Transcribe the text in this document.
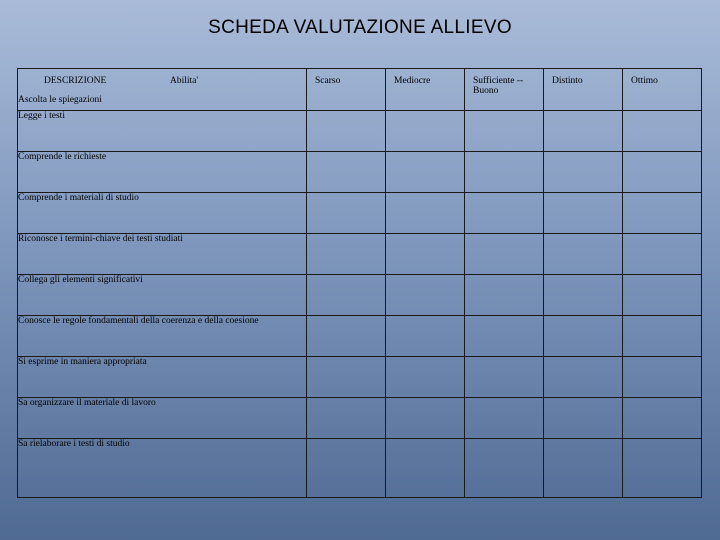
SCHEDA VALUTAZIONE ALLIEVO
DESCRIZIONE Abilita'	Scarso	Mediocre	Sufficiente --Buono	Distinto	Ottimo
Ascolta le spiegazioni					
Legge i testi					
Comprende le richieste					
Comprende i materiali di studio					
Riconosce i termini-chiave dei testi studiati					
Collega gli elementi significativi					
Conosce le regole fondamentali della coerenza e della coesione					
Si esprime in maniera appropriata					
Sa organizzare il materiale di lavoro					
Sa rielaborare i testi di studio					
